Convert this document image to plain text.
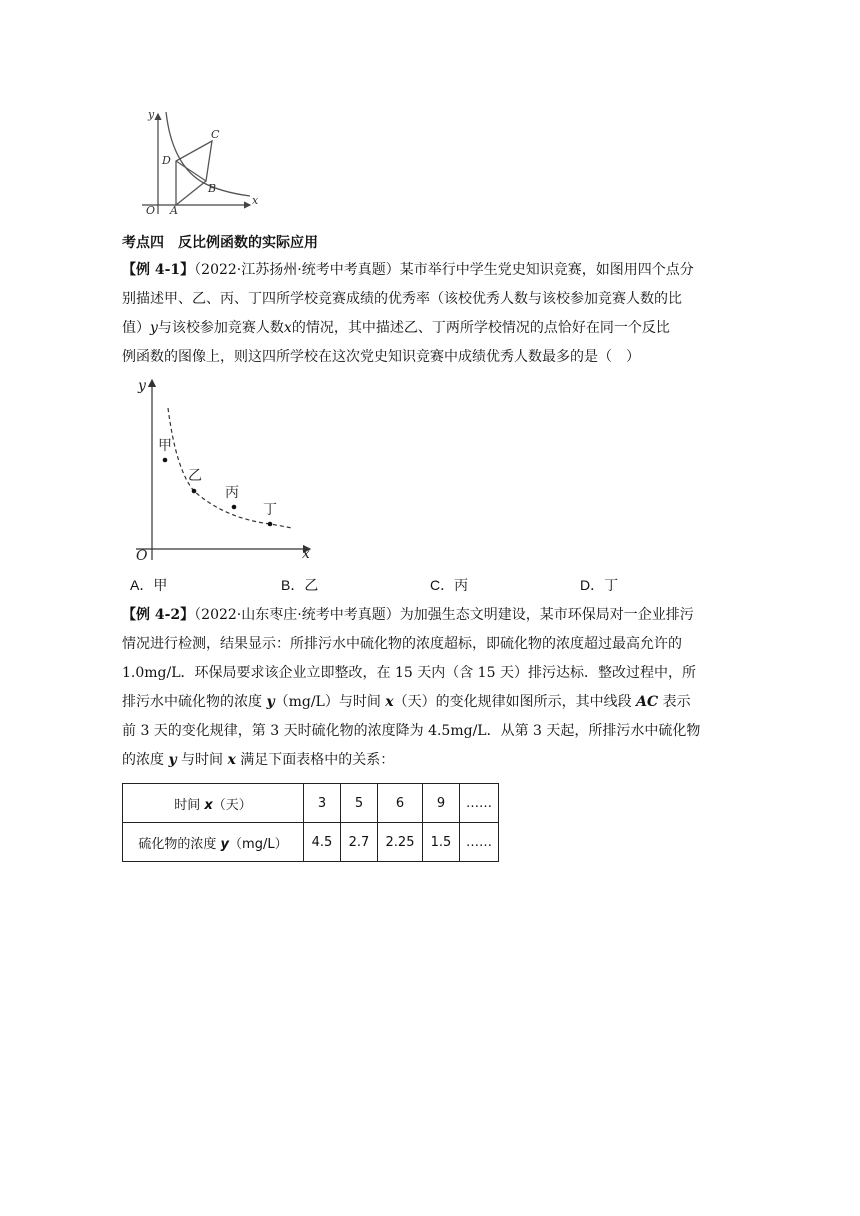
y
x
O A
B
C
D
考点四 反比例函数的实际应用
【例 4-1】（2022·江苏扬州·统考中考真题）某市举行中学生党史知识竞赛，如图用四个点分
别描述甲、乙、丙、丁四所学校竞赛成绩的优秀率（该校优秀人数与该校参加竞赛人数的比
值）y与该校参加竞赛人数x的情况，其中描述乙、丁两所学校情况的点恰好在同一个反比
例函数的图像上，则这四所学校在这次党史知识竞赛中成绩优秀人数最多的是（　）
y
x
O
甲
乙
丙
丁
A．甲	B．乙	C．丙	D．丁
【例 4-2】（2022·山东枣庄·统考中考真题）为加强生态文明建设，某市环保局对一企业排污
情况进行检测，结果显示：所排污水中硫化物的浓度超标，即硫化物的浓度超过最高允许的
1.0mg/L．环保局要求该企业立即整改，在 15 天内（含 15 天）排污达标．整改过程中，所
排污水中硫化物的浓度 y（mg/L）与时间 x（天）的变化规律如图所示，其中线段 AC 表示
前 3 天的变化规律，第 3 天时硫化物的浓度降为 4.5mg/L．从第 3 天起，所排污水中硫化物
的浓度 y 与时间 x 满足下面表格中的关系：
时间 x（天）	3	5	6	9	……
硫化物的浓度 y（mg/L）	4.5	2.7	2.25	1.5	……
